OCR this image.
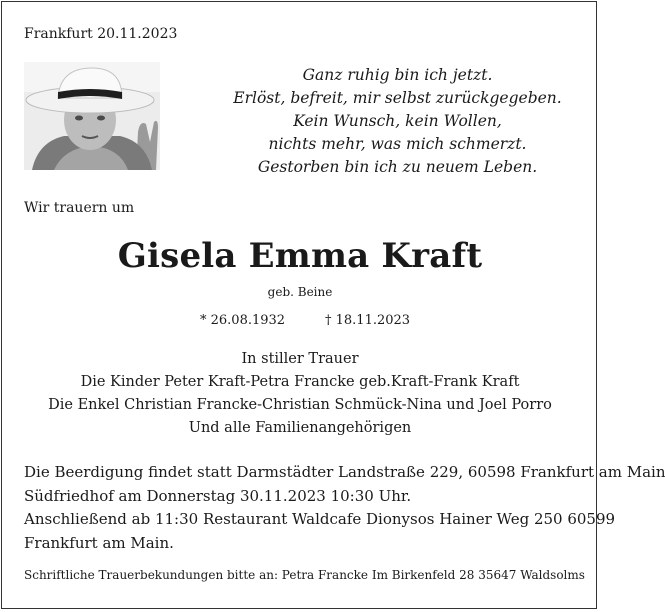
Frankfurt 20.11.2023
Ganz ruhig bin ich jetzt.
Erlöst, befreit, mir selbst zurückgegeben.
Kein Wunsch, kein Wollen,
nichts mehr, was mich schmerzt.
Gestorben bin ich zu neuem Leben.
Wir trauern um
Gisela Emma Kraft
geb. Beine
* 26.08.1932	† 18.11.2023
In stiller Trauer
Die Kinder Peter Kraft-Petra Francke geb.Kraft-Frank Kraft
Die Enkel Christian Francke-Christian Schmück-Nina und Joel Porro
Und alle Familienangehörigen
Die Beerdigung findet statt Darmstädter Landstraße 229, 60598 Frankfurt am Main
Südfriedhof am Donnerstag 30.11.2023 10:30 Uhr.
Anschließend ab 11:30 Restaurant Waldcafe Dionysos Hainer Weg 250 60599
Frankfurt am Main.
Schriftliche Trauerbekundungen bitte an: Petra Francke Im Birkenfeld 28 35647 Waldsolms
